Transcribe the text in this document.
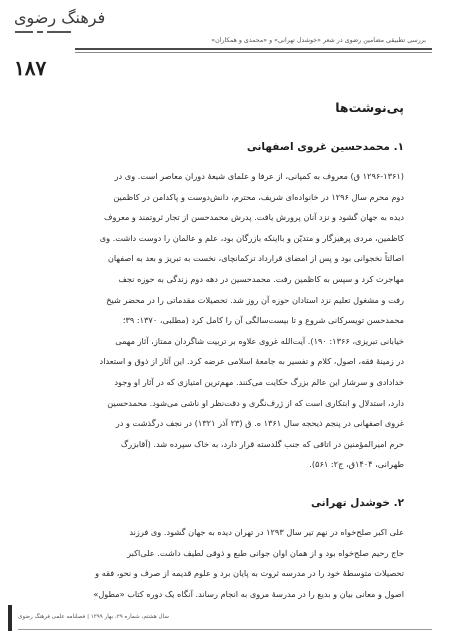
فرهنگ رضوی
بررسی تطبیقی مضامین رضوی در شعر «خوشدل تهرانی» و «محمدی و همکاران»
۱۸۷
پی‌نوشت‌ها
۱. محمدحسین غروی اصفهانی

(۱۲۹۶-۱۳۶۱ ق) معروف به کمپانی، از عرفا و علمای شیعهٔ دوران معاصر است. وی در
دوم محرم سال ۱۲۹۶ در خانواده‌ای شریف، محترم، دانش‌دوست و پاکدامن در کاظمین
دیده به جهان گشود و نزد آنان پرورش یافت. پدرش محمدحسن از تجار ثروتمند و معروف
کاظمین، مردی پرهیزگار و متدیّن و بااینکه بازرگان بود، علم و عالمان را دوست داشت. وی
اصالتاً نخجوانی بود و پس از امضای قرارداد ترکمانچای، نخست به تبریز و بعد به اصفهان
مهاجرت کرد و سپس به کاظمین رفت. محمدحسین در دهه دوم زندگی به حوزه نجف
رفت و مشغول تعلیم نزد استادان حوزه آن روز شد. تحصیلات مقدماتی را در محضر شیخ
محمدحسن تویسرکانی شروع و تا بیست‌سالگی آن را کامل کرد (مطلبی، ۱۳۷۰: ۳۹؛
خیابانی تبریزی، ۱۳۶۶: ۱۹۰). آیت‌الله غروی علاوه بر تربیت شاگردان ممتاز، آثار مهمی
در زمینهٔ فقه، اصول، کلام و تفسیر به جامعهٔ اسلامی عرضه کرد. این آثار از ذوق و استعداد
خدادادی و سرشار این عالم بزرگ حکایت می‌کنند. مهم‌ترین امتیازی که در آثار او وجود
دارد، استدلال و ابتکاری است که از ژرف‌نگری و دقت‌نظر او ناشی می‌شود. محمدحسین
غروی اصفهانی در پنجم ذیحجه سال ۱۳۶۱ ه. ق (۲۳ آذر ۱۳۲۱) در نجف درگذشت و در
حرم امیرالمؤمنین در اتاقی که جنب گلدسته قرار دارد، به خاک سپرده شد. (آقابزرگ
طهرانی، ۱۴۰۴ق، ج۲: ۵۶۱).

۲. خوشدل تهرانی

علی اکبر صلح‌خواه در نهم تیر سال ۱۲۹۳ در تهران دیده به جهان گشود. وی فرزند
حاج رحیم صلح‌خواه بود و از همان اوان جوانی طبع و ذوقی لطیف داشت. علی‌اکبر
تحصیلات متوسطهٔ خود را در مدرسه ثروت به پایان برد و علوم قدیمه از صرف و نحو، فقه و
اصول و معانی بیان و بدیع را در مدرسهٔ مروی به انجام رساند. آنگاه یک دوره کتاب «مطول»

سال هشتم، شماره ۲۹، بهار ۱۳۹۹ | فصلنامه علمی فرهنگ رضوی
